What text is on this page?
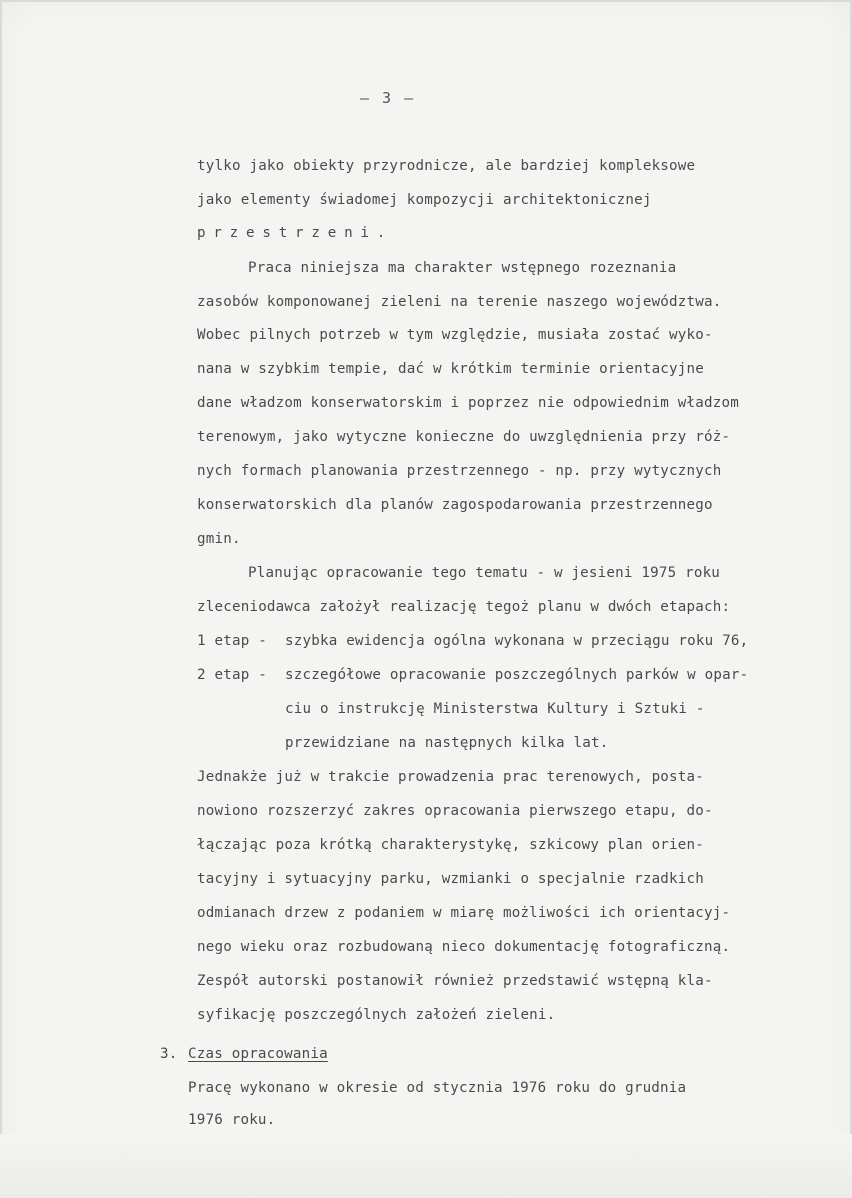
— 3 —
tylko jako obiekty przyrodnicze, ale bardziej kompleksowe
jako elementy świadomej kompozycji architektonicznej
przestrzeni.
Praca niniejsza ma charakter wstępnego rozeznania
zasobów komponowanej zieleni na terenie naszego województwa.
Wobec pilnych potrzeb w tym względzie, musiała zostać wyko-
nana w szybkim tempie, dać w krótkim terminie orientacyjne
dane władzom konserwatorskim i poprzez nie odpowiednim władzom
terenowym, jako wytyczne konieczne do uwzględnienia przy róż-
nych formach planowania przestrzennego - np. przy wytycznych
konserwatorskich dla planów zagospodarowania przestrzennego
gmin.
Planując opracowanie tego tematu - w jesieni 1975 roku
zleceniodawca założył realizację tegoż planu w dwóch etapach:
1 etap - szybka ewidencja ogólna wykonana w przeciągu roku 76,
2 etap - szczegółowe opracowanie poszczególnych parków w opar-
ciu o instrukcję Ministerstwa Kultury i Sztuki -
przewidziane na następnych kilka lat.
Jednakże już w trakcie prowadzenia prac terenowych, posta-
nowiono rozszerzyć zakres opracowania pierwszego etapu, do-
łączając poza krótką charakterystykę, szkicowy plan orien-
tacyjny i sytuacyjny parku, wzmianki o specjalnie rzadkich
odmianach drzew z podaniem w miarę możliwości ich orientacyj-
nego wieku oraz rozbudowaną nieco dokumentację fotograficzną.
Zespół autorski postanowił również przedstawić wstępną kla-
syfikację poszczególnych założeń zieleni.
3. Czas opracowania
Pracę wykonano w okresie od stycznia 1976 roku do grudnia
1976 roku.
